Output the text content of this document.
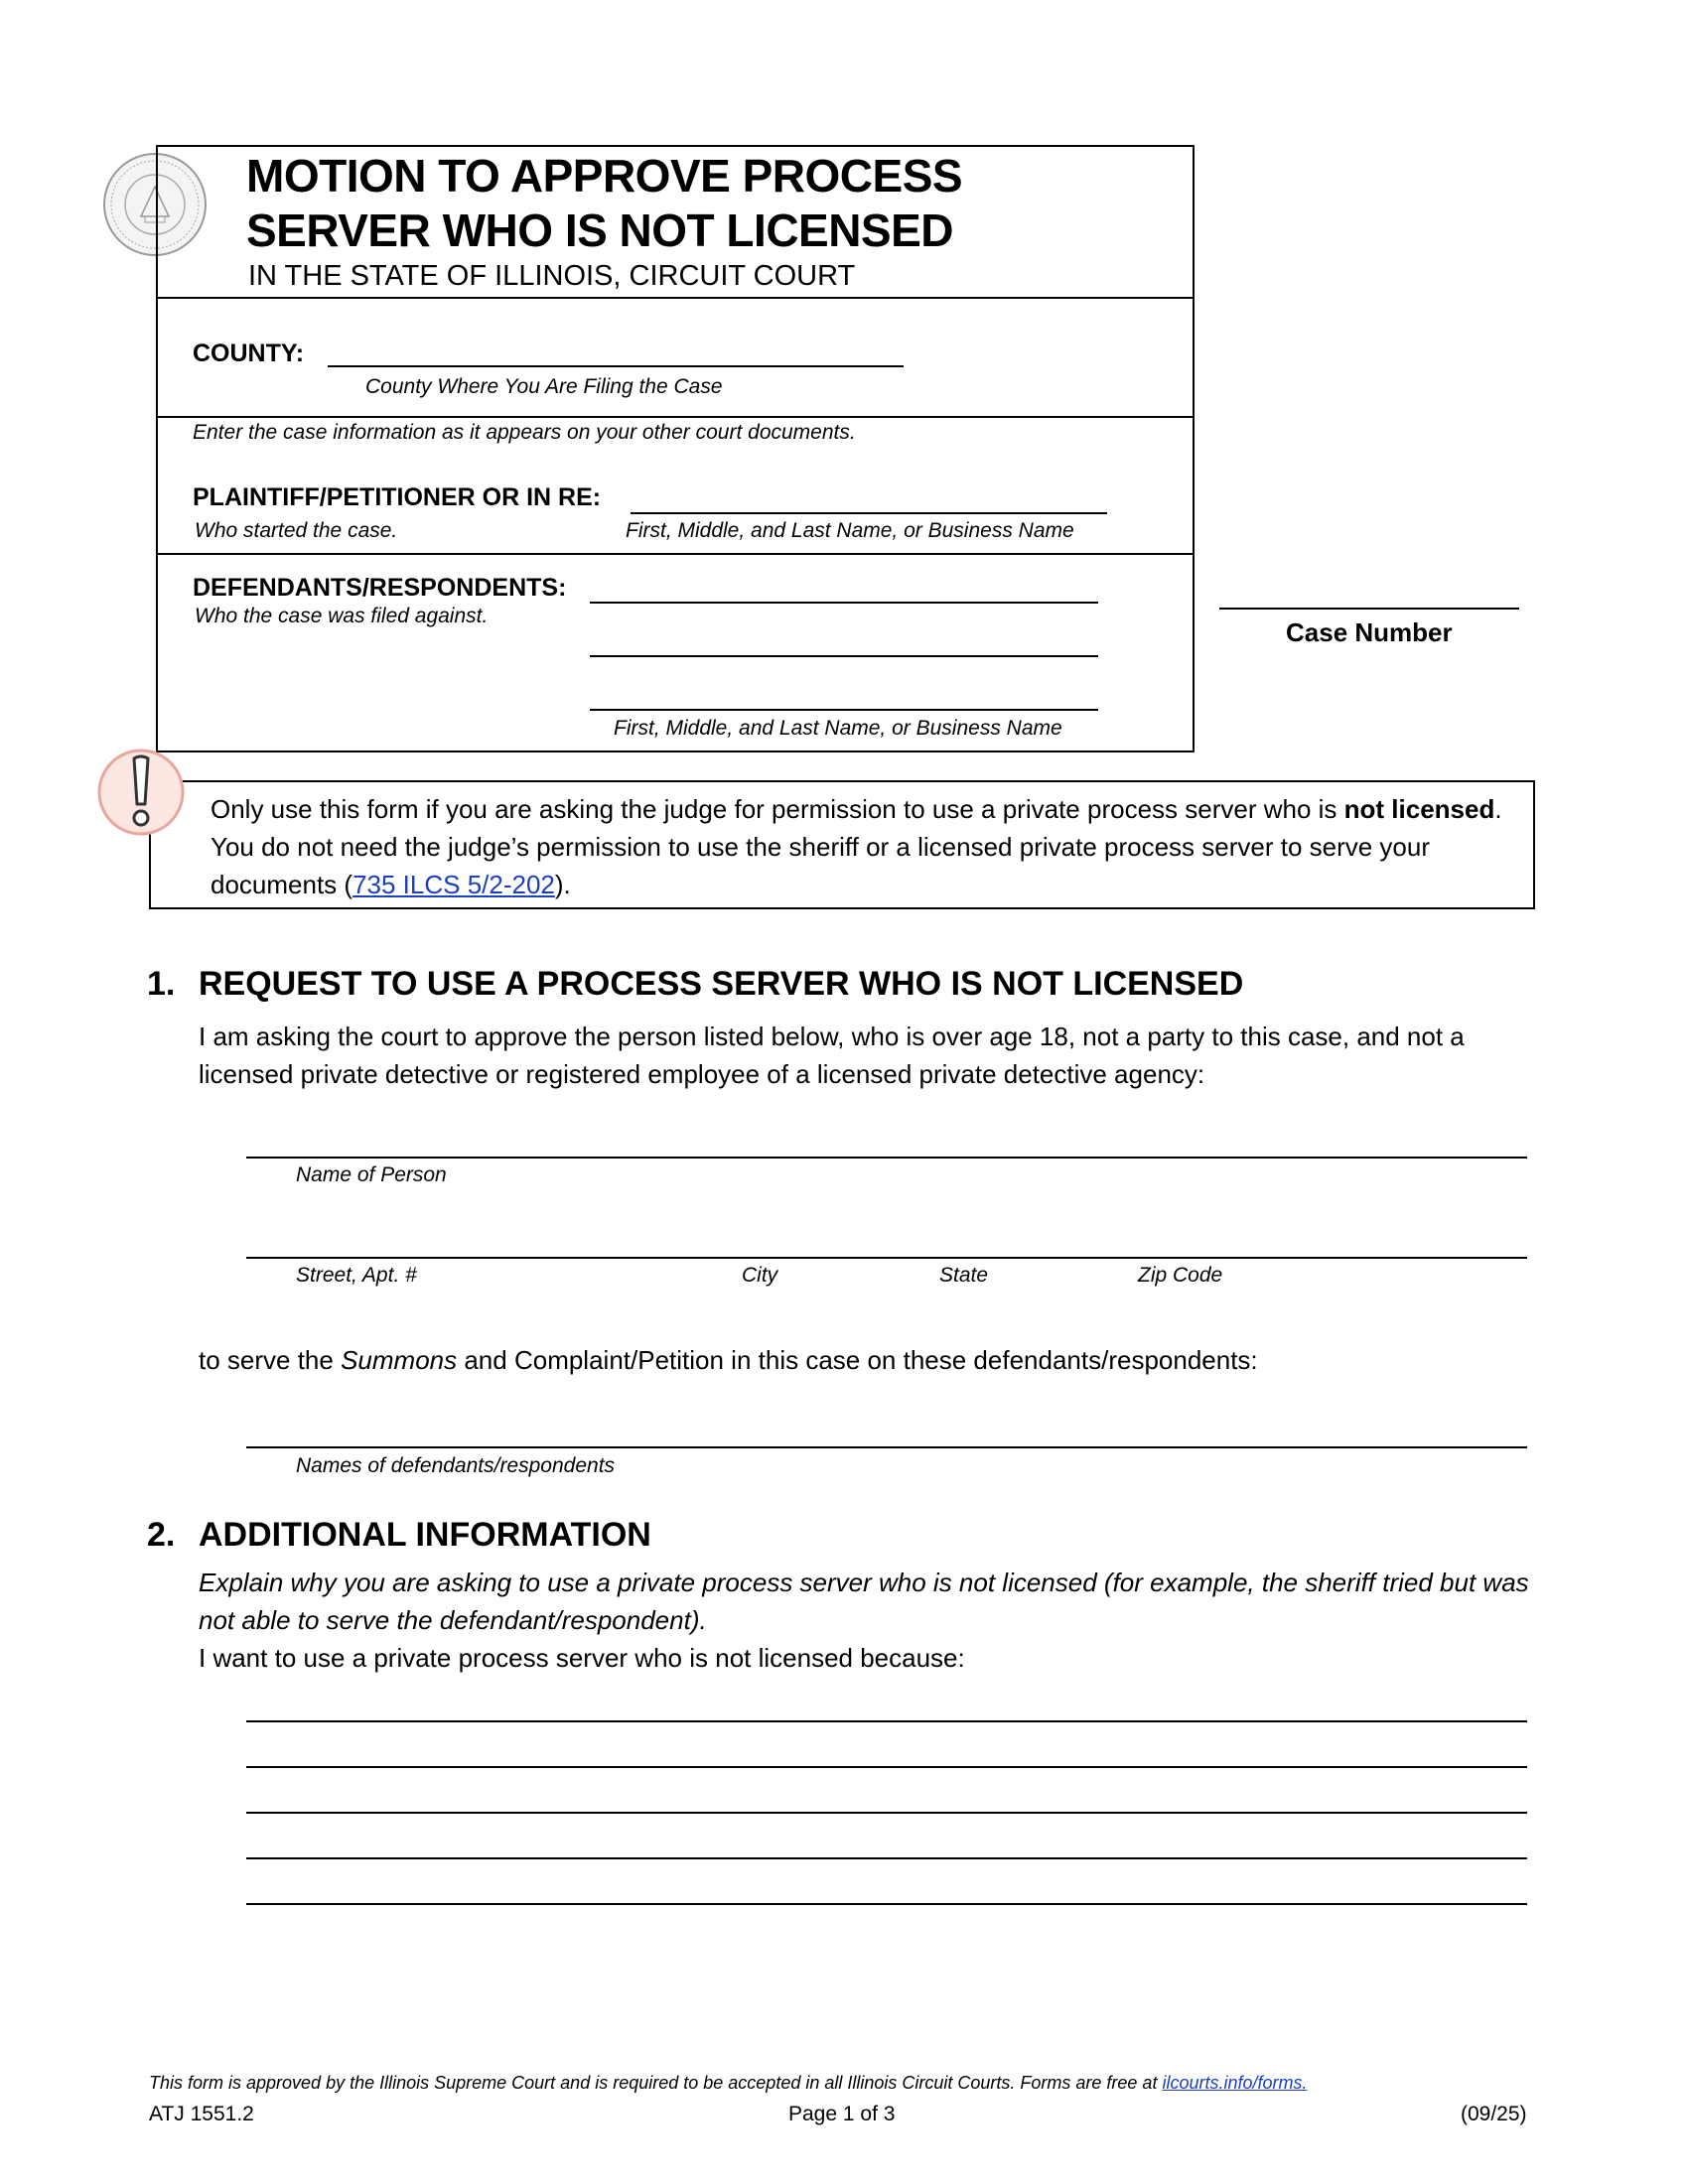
MOTION TO APPROVE PROCESS
SERVER WHO IS NOT LICENSED
IN THE STATE OF ILLINOIS, CIRCUIT COURT
COUNTY:
County Where You Are Filing the Case
Enter the case information as it appears on your other court documents.
PLAINTIFF/PETITIONER OR IN RE:
Who started the case.	First, Middle, and Last Name, or Business Name
DEFENDANTS/RESPONDENTS:
Who the case was filed against.
First, Middle, and Last Name, or Business Name
Case Number
Only use this form if you are asking the judge for permission to use a private process server who is not licensed. You do not need the judge’s permission to use the sheriff or a licensed private process server to serve your documents (735 ILCS 5/2-202).
1. REQUEST TO USE A PROCESS SERVER WHO IS NOT LICENSED
I am asking the court to approve the person listed below, who is over age 18, not a party to this case, and not a licensed private detective or registered employee of a licensed private detective agency:
Name of Person
Street, Apt. #	City	State	Zip Code
to serve the Summons and Complaint/Petition in this case on these defendants/respondents:
Names of defendants/respondents
2. ADDITIONAL INFORMATION
Explain why you are asking to use a private process server who is not licensed (for example, the sheriff tried but was not able to serve the defendant/respondent).
I want to use a private process server who is not licensed because:
This form is approved by the Illinois Supreme Court and is required to be accepted in all Illinois Circuit Courts. Forms are free at ilcourts.info/forms.
ATJ 1551.2	Page 1 of 3	(09/25)
